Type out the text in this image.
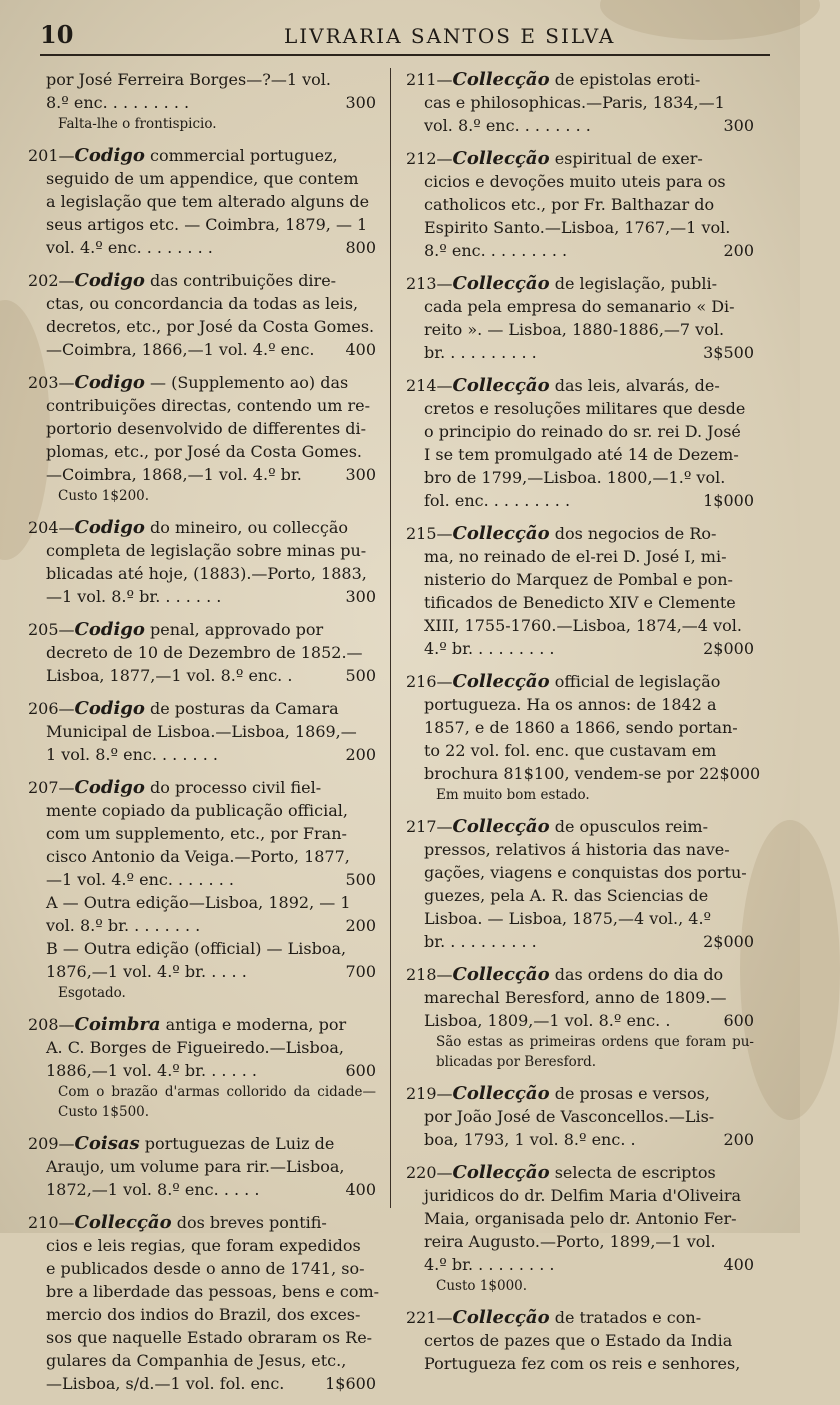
10	LIVRARIA SANTOS E SILVA
por José Ferreira Borges—?—1 vol.
300
8.º enc. . . . . . . . .
Falta-lhe o frontispicio.
201—Codigo commercial portuguez,
seguido de um appendice, que contem
a legislação que tem alterado alguns de
seus artigos etc. — Coimbra, 1879, — 1
800
vol. 4.º enc. . . . . . . .
202—Codigo das contribuições dire-
ctas, ou concordancia da todas as leis,
decretos, etc., por José da Costa Gomes.
400
—Coimbra, 1866,—1 vol. 4.º enc.
203—Codigo — (Supplemento ao) das
contribuições directas, contendo um re-
portorio desenvolvido de differentes di-
plomas, etc., por José da Costa Gomes.
300
—Coimbra, 1868,—1 vol. 4.º br.
Custo 1$200.
204—Codigo do mineiro, ou collecção
completa de legislação sobre minas pu-
blicadas até hoje, (1883).—Porto, 1883,
300
—1 vol. 8.º br. . . . . . .
205—Codigo penal, approvado por
decreto de 10 de Dezembro de 1852.—
500
Lisboa, 1877,—1 vol. 8.º enc. .
206—Codigo de posturas da Camara
Municipal de Lisboa.—Lisboa, 1869,—
200
1 vol. 8.º enc. . . . . . .
207—Codigo do processo civil fiel-
mente copiado da publicação official,
com um supplemento, etc., por Fran-
cisco Antonio da Veiga.—Porto, 1877,
500
—1 vol. 4.º enc. . . . . . .
A — Outra edição—Lisboa, 1892, — 1
200
vol. 8.º br. . . . . . . .
B — Outra edição (official) — Lisboa,
700
1876,—1 vol. 4.º br. . . . .
Esgotado.
208—Coimbra antiga e moderna, por
A. C. Borges de Figueiredo.—Lisboa,
600
1886,—1 vol. 4.º br. . . . . .
Com o brazão d'armas collorido da cidade— Custo 1$500.
209—Coisas portuguezas de Luiz de
Araujo, um volume para rir.—Lisboa,
400
1872,—1 vol. 8.º enc. . . . .
210—Collecção dos breves pontifi-
cios e leis regias, que foram expedidos
e publicados desde o anno de 1741, so-
bre a liberdade das pessoas, bens e com-
mercio dos indios do Brazil, dos exces-
sos que naquelle Estado obraram os Re-
gulares da Companhia de Jesus, etc.,
1$600
—Lisboa, s/d.—1 vol. fol. enc.
211—Collecção de epistolas eroti-
cas e philosophicas.—Paris, 1834,—1
300
vol. 8.º enc. . . . . . . .
212—Collecção espiritual de exer-
cicios e devoções muito uteis para os
catholicos etc., por Fr. Balthazar do
Espirito Santo.—Lisboa, 1767,—1 vol.
200
8.º enc. . . . . . . . .
213—Collecção de legislação, publi-
cada pela empresa do semanario « Di-
reito ». — Lisboa, 1880-1886,—7 vol.
3$500
br. . . . . . . . . .
214—Collecção das leis, alvarás, de-
cretos e resoluções militares que desde
o principio do reinado do sr. rei D. José
I se tem promulgado até 14 de Dezem-
bro de 1799,—Lisboa. 1800,—1.º vol.
1$000
fol. enc. . . . . . . . .
215—Collecção dos negocios de Ro-
ma, no reinado de el-rei D. José I, mi-
nisterio do Marquez de Pombal e pon-
tificados de Benedicto XIV e Clemente
XIII, 1755-1760.—Lisboa, 1874,—4 vol.
2$000
4.º br. . . . . . . . .
216—Collecção official de legislação
portugueza. Ha os annos: de 1842 a
1857, e de 1860 a 1866, sendo portan-
to 22 vol. fol. enc. que custavam em
brochura 81$100, vendem-se por 22$000
Em muito bom estado.
217—Collecção de opusculos reim-
pressos, relativos á historia das nave-
gações, viagens e conquistas dos portu-
guezes, pela A. R. das Sciencias de
Lisboa. — Lisboa, 1875,—4 vol., 4.º
2$000
br. . . . . . . . . .
218—Collecção das ordens do dia do
marechal Beresford, anno de 1809.—
600
Lisboa, 1809,—1 vol. 8.º enc. .
São estas as primeiras ordens que foram pu- blicadas por Beresford.
219—Collecção de prosas e versos,
por João José de Vasconcellos.—Lis-
200
boa, 1793, 1 vol. 8.º enc. .
220—Collecção selecta de escriptos
juridicos do dr. Delfim Maria d'Oliveira
Maia, organisada pelo dr. Antonio Fer-
reira Augusto.—Porto, 1899,—1 vol.
400
4.º br. . . . . . . . .
Custo 1$000.
221—Collecção de tratados e con-
certos de pazes que o Estado da India
Portugueza fez com os reis e senhores,
